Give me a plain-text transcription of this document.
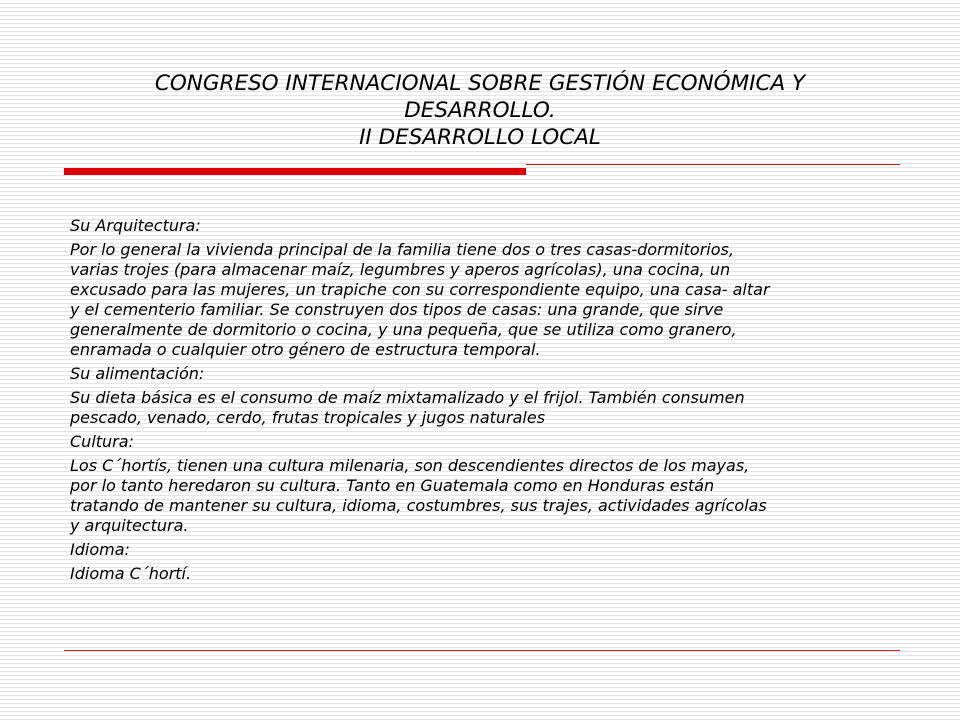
CONGRESO INTERNACIONAL SOBRE GESTIÓN ECONÓMICA Y
DESARROLLO.
II DESARROLLO LOCAL

Su Arquitectura:

Por lo general la vivienda principal de la familia tiene dos o tres casas-dormitorios,
varias trojes (para almacenar maíz, legumbres y aperos agrícolas), una cocina, un
excusado para las mujeres, un trapiche con su correspondiente equipo, una casa- altar
y el cementerio familiar. Se construyen dos tipos de casas: una grande, que sirve
generalmente de dormitorio o cocina, y una pequeña, que se utiliza como granero,
enramada o cualquier otro género de estructura temporal.

Su alimentación:

Su dieta básica es el consumo de maíz mixtamalizado y el frijol. También consumen
pescado, venado, cerdo, frutas tropicales y jugos naturales

Cultura:

Los C´hortís, tienen una cultura milenaria, son descendientes directos de los mayas,
por lo tanto heredaron su cultura. Tanto en Guatemala como en Honduras están
tratando de mantener su cultura, idioma, costumbres, sus trajes, actividades agrícolas
y arquitectura.

Idioma:

Idioma C´hortí.
